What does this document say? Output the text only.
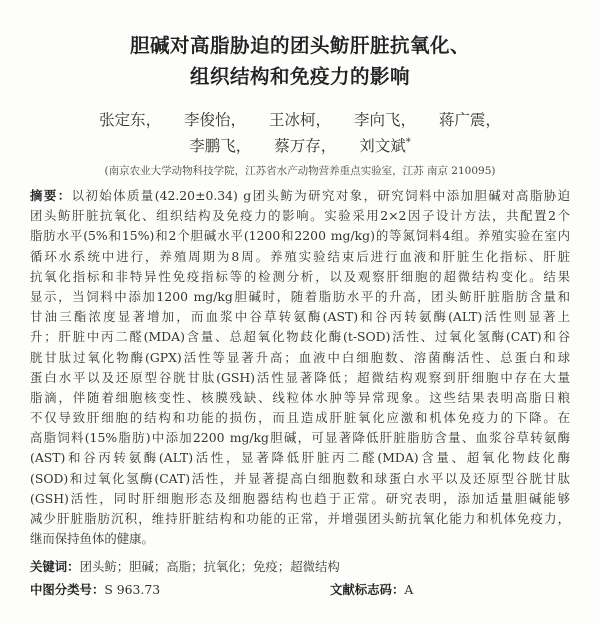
胆碱对高脂胁迫的团头鲂肝脏抗氧化、
组织结构和免疫力的影响
张定东， 李俊怡， 王冰柯， 李向飞， 蒋广震，
李鹏飞， 蔡万存， 刘文斌*
(南京农业大学动物科技学院，江苏省水产动物营养重点实验室，江苏 南京 210095)
摘要：以初始体质量(42.20±0.34) g团头鲂为研究对象，研究饲料中添加胆碱对高脂胁迫
团头鲂肝脏抗氧化、组织结构及免疫力的影响。实验采用2×2因子设计方法，共配置2个
脂肪水平(5%和15%)和2个胆碱水平(1200和2200 mg/kg)的等氮饲料4组。养殖实验在室内
循环水系统中进行，养殖周期为8周。养殖实验结束后进行血液和肝脏生化指标、肝脏
抗氧化指标和非特异性免疫指标等的检测分析，以及观察肝细胞的超微结构变化。结果
显示，当饲料中添加1200 mg/kg胆碱时，随着脂肪水平的升高，团头鲂肝脏脂肪含量和
甘油三酯浓度显著增加，而血浆中谷草转氨酶(AST)和谷丙转氨酶(ALT)活性则显著上
升；肝脏中丙二醛(MDA)含量、总超氧化物歧化酶(t-SOD)活性、过氧化氢酶(CAT)和谷
胱甘肽过氧化物酶(GPX)活性等显著升高；血液中白细胞数、溶菌酶活性、总蛋白和球
蛋白水平以及还原型谷胱甘肽(GSH)活性显著降低；超微结构观察到肝细胞中存在大量
脂滴，伴随着细胞核变性、核膜残缺、线粒体水肿等异常现象。这些结果表明高脂日粮
不仅导致肝细胞的结构和功能的损伤，而且造成肝脏氧化应激和机体免疫力的下降。在
高脂饲料(15%脂肪)中添加2200 mg/kg胆碱，可显著降低肝脏脂肪含量、血浆谷草转氨酶
(AST)和谷丙转氨酶(ALT)活性，显著降低肝脏丙二醛(MDA)含量、超氧化物歧化酶
(SOD)和过氧化氢酶(CAT)活性，并显著提高白细胞数和球蛋白水平以及还原型谷胱甘肽
(GSH)活性，同时肝细胞形态及细胞器结构也趋于正常。研究表明，添加适量胆碱能够
减少肝脏脂肪沉积，维持肝脏结构和功能的正常，并增强团头鲂抗氧化能力和机体免疫力，
继而保持鱼体的健康。
关键词：团头鲂；胆碱；高脂；抗氧化；免疫；超微结构
中图分类号：S 963.73	文献标志码：A
